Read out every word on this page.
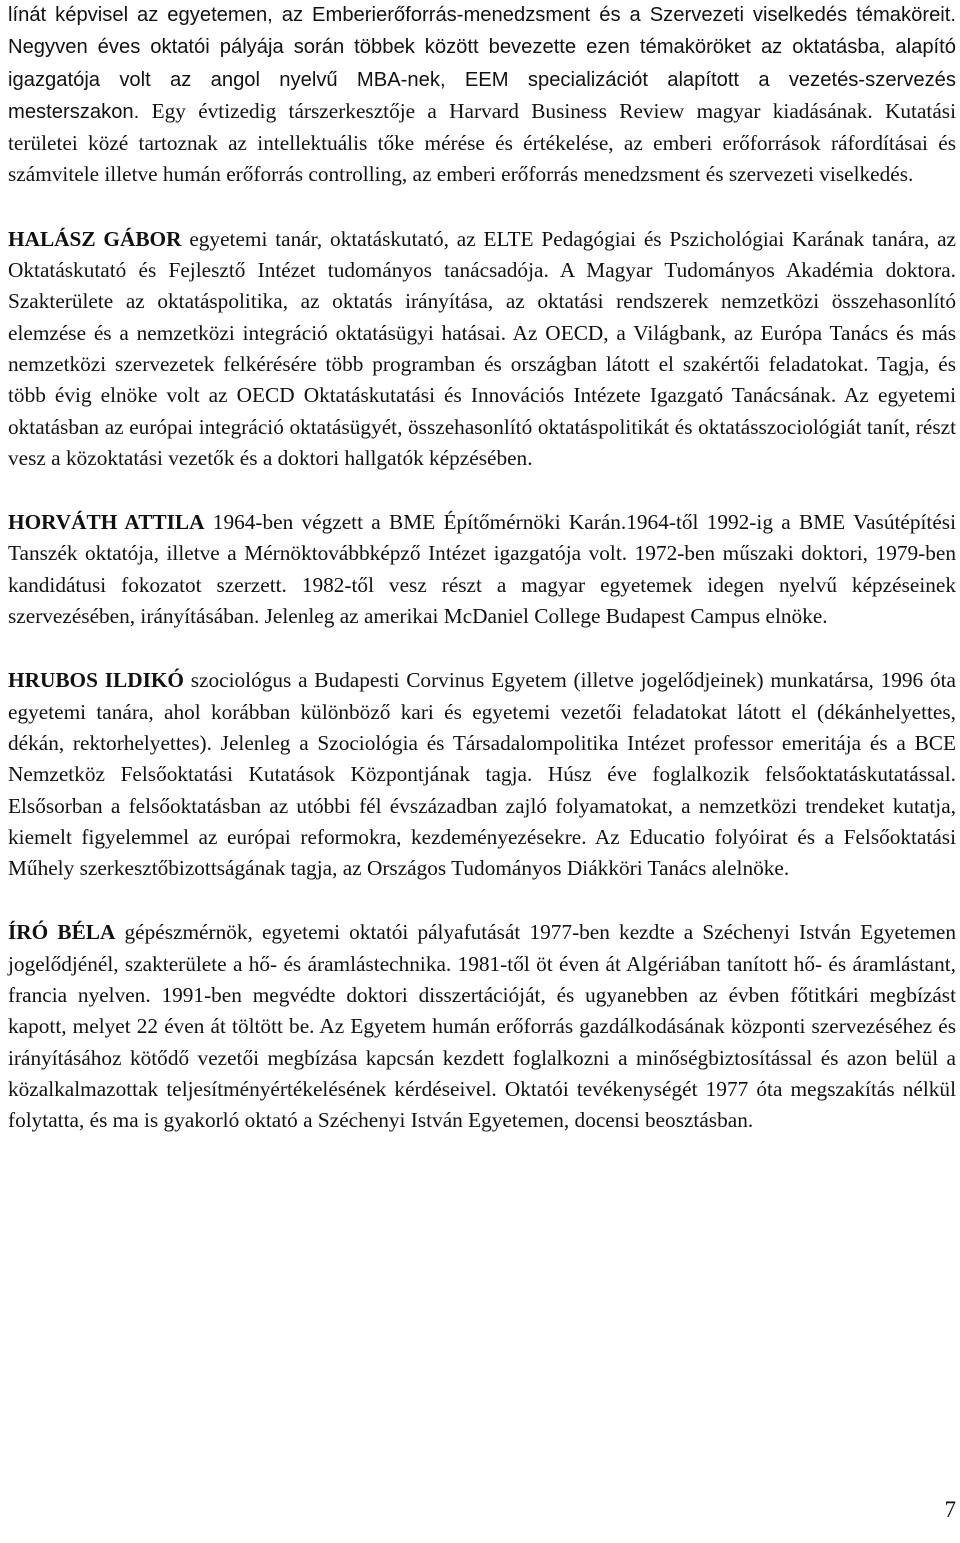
línát képvisel az egyetemen, az Emberierőforrás-menedzsment és a Szervezeti viselkedés témaköreit. Negyven éves oktatói pályája során többek között bevezette ezen témaköröket az oktatásba, alapító igazgatója volt az angol nyelvű MBA-nek, EEM specializációt alapított a vezetés-szervezés mesterszakon. Egy évtizedig társzerkesztője a Harvard Business Review magyar kiadásának. Kutatási területei közé tartoznak az intellektuális tőke mérése és értékelése, az emberi erőforrások ráfordításai és számvitele illetve humán erőforrás controlling, az emberi erőforrás menedzsment és szervezeti viselkedés.

HALÁSZ GÁBOR egyetemi tanár, oktatáskutató, az ELTE Pedagógiai és Pszichológiai Karának tanára, az Oktatáskutató és Fejlesztő Intézet tudományos tanácsadója. A Magyar Tudományos Akadémia doktora. Szakterülete az oktatáspolitika, az oktatás irányítása, az oktatási rendszerek nemzetközi összehasonlító elemzése és a nemzetközi integráció oktatásügyi hatásai. Az OECD, a Világbank, az Európa Tanács és más nemzetközi szervezetek felkérésére több programban és országban látott el szakértői feladatokat. Tagja, és több évig elnöke volt az OECD Oktatáskutatási és Innovációs Intézete Igazgató Tanácsának. Az egyetemi oktatásban az európai integráció oktatásügyét, összehasonlító oktatáspolitikát és oktatásszociológiát tanít, részt vesz a közoktatási vezetők és a doktori hallgatók képzésében.

HORVÁTH ATTILA 1964-ben végzett a BME Építőmérnöki Karán.1964-től 1992-ig a BME Vasútépítési Tanszék oktatója, illetve a Mérnöktovábbképző Intézet igazgatója volt. 1972-ben műszaki doktori, 1979-ben kandidátusi fokozatot szerzett. 1982-től vesz részt a magyar egyetemek idegen nyelvű képzéseinek szervezésében, irányításában. Jelenleg az amerikai McDaniel College Budapest Campus elnöke.

HRUBOS ILDIKÓ szociológus a Budapesti Corvinus Egyetem (illetve jogelődjeinek) munkatársa, 1996 óta egyetemi tanára, ahol korábban különböző kari és egyetemi vezetői feladatokat látott el (dékánhelyettes, dékán, rektorhelyettes). Jelenleg a Szociológia és Társadalompolitika Intézet professor emeritája és a BCE Nemzetköz Felsőoktatási Kutatások Központjának tagja. Húsz éve foglalkozik felsőoktatáskutatással. Elsősorban a felsőoktatásban az utóbbi fél évszázadban zajló folyamatokat, a nemzetközi trendeket kutatja, kiemelt figyelemmel az európai reformokra, kezdeményezésekre. Az Educatio folyóirat és a Felsőoktatási Műhely szerkesztőbizottságának tagja, az Országos Tudományos Diákköri Tanács alelnöke.

ÍRÓ BÉLA gépészmérnök, egyetemi oktatói pályafutását 1977-ben kezdte a Széchenyi István Egyetemen jogelődjénél, szakterülete a hő- és áramlástechnika. 1981-től öt éven át Algériában tanított hő- és áramlástant, francia nyelven. 1991-ben megvédte doktori disszertációját, és ugyanebben az évben főtitkári megbízást kapott, melyet 22 éven át töltött be. Az Egyetem humán erőforrás gazdálkodásának központi szervezéséhez és irányításához kötődő vezetői megbízása kapcsán kezdett foglalkozni a minőségbiztosítással és azon belül a közalkalmazottak teljesítményértékelésének kérdéseivel. Oktatói tevékenységét 1977 óta megszakítás nélkül folytatta, és ma is gyakorló oktató a Széchenyi István Egyetemen, docensi beosztásban.

7
